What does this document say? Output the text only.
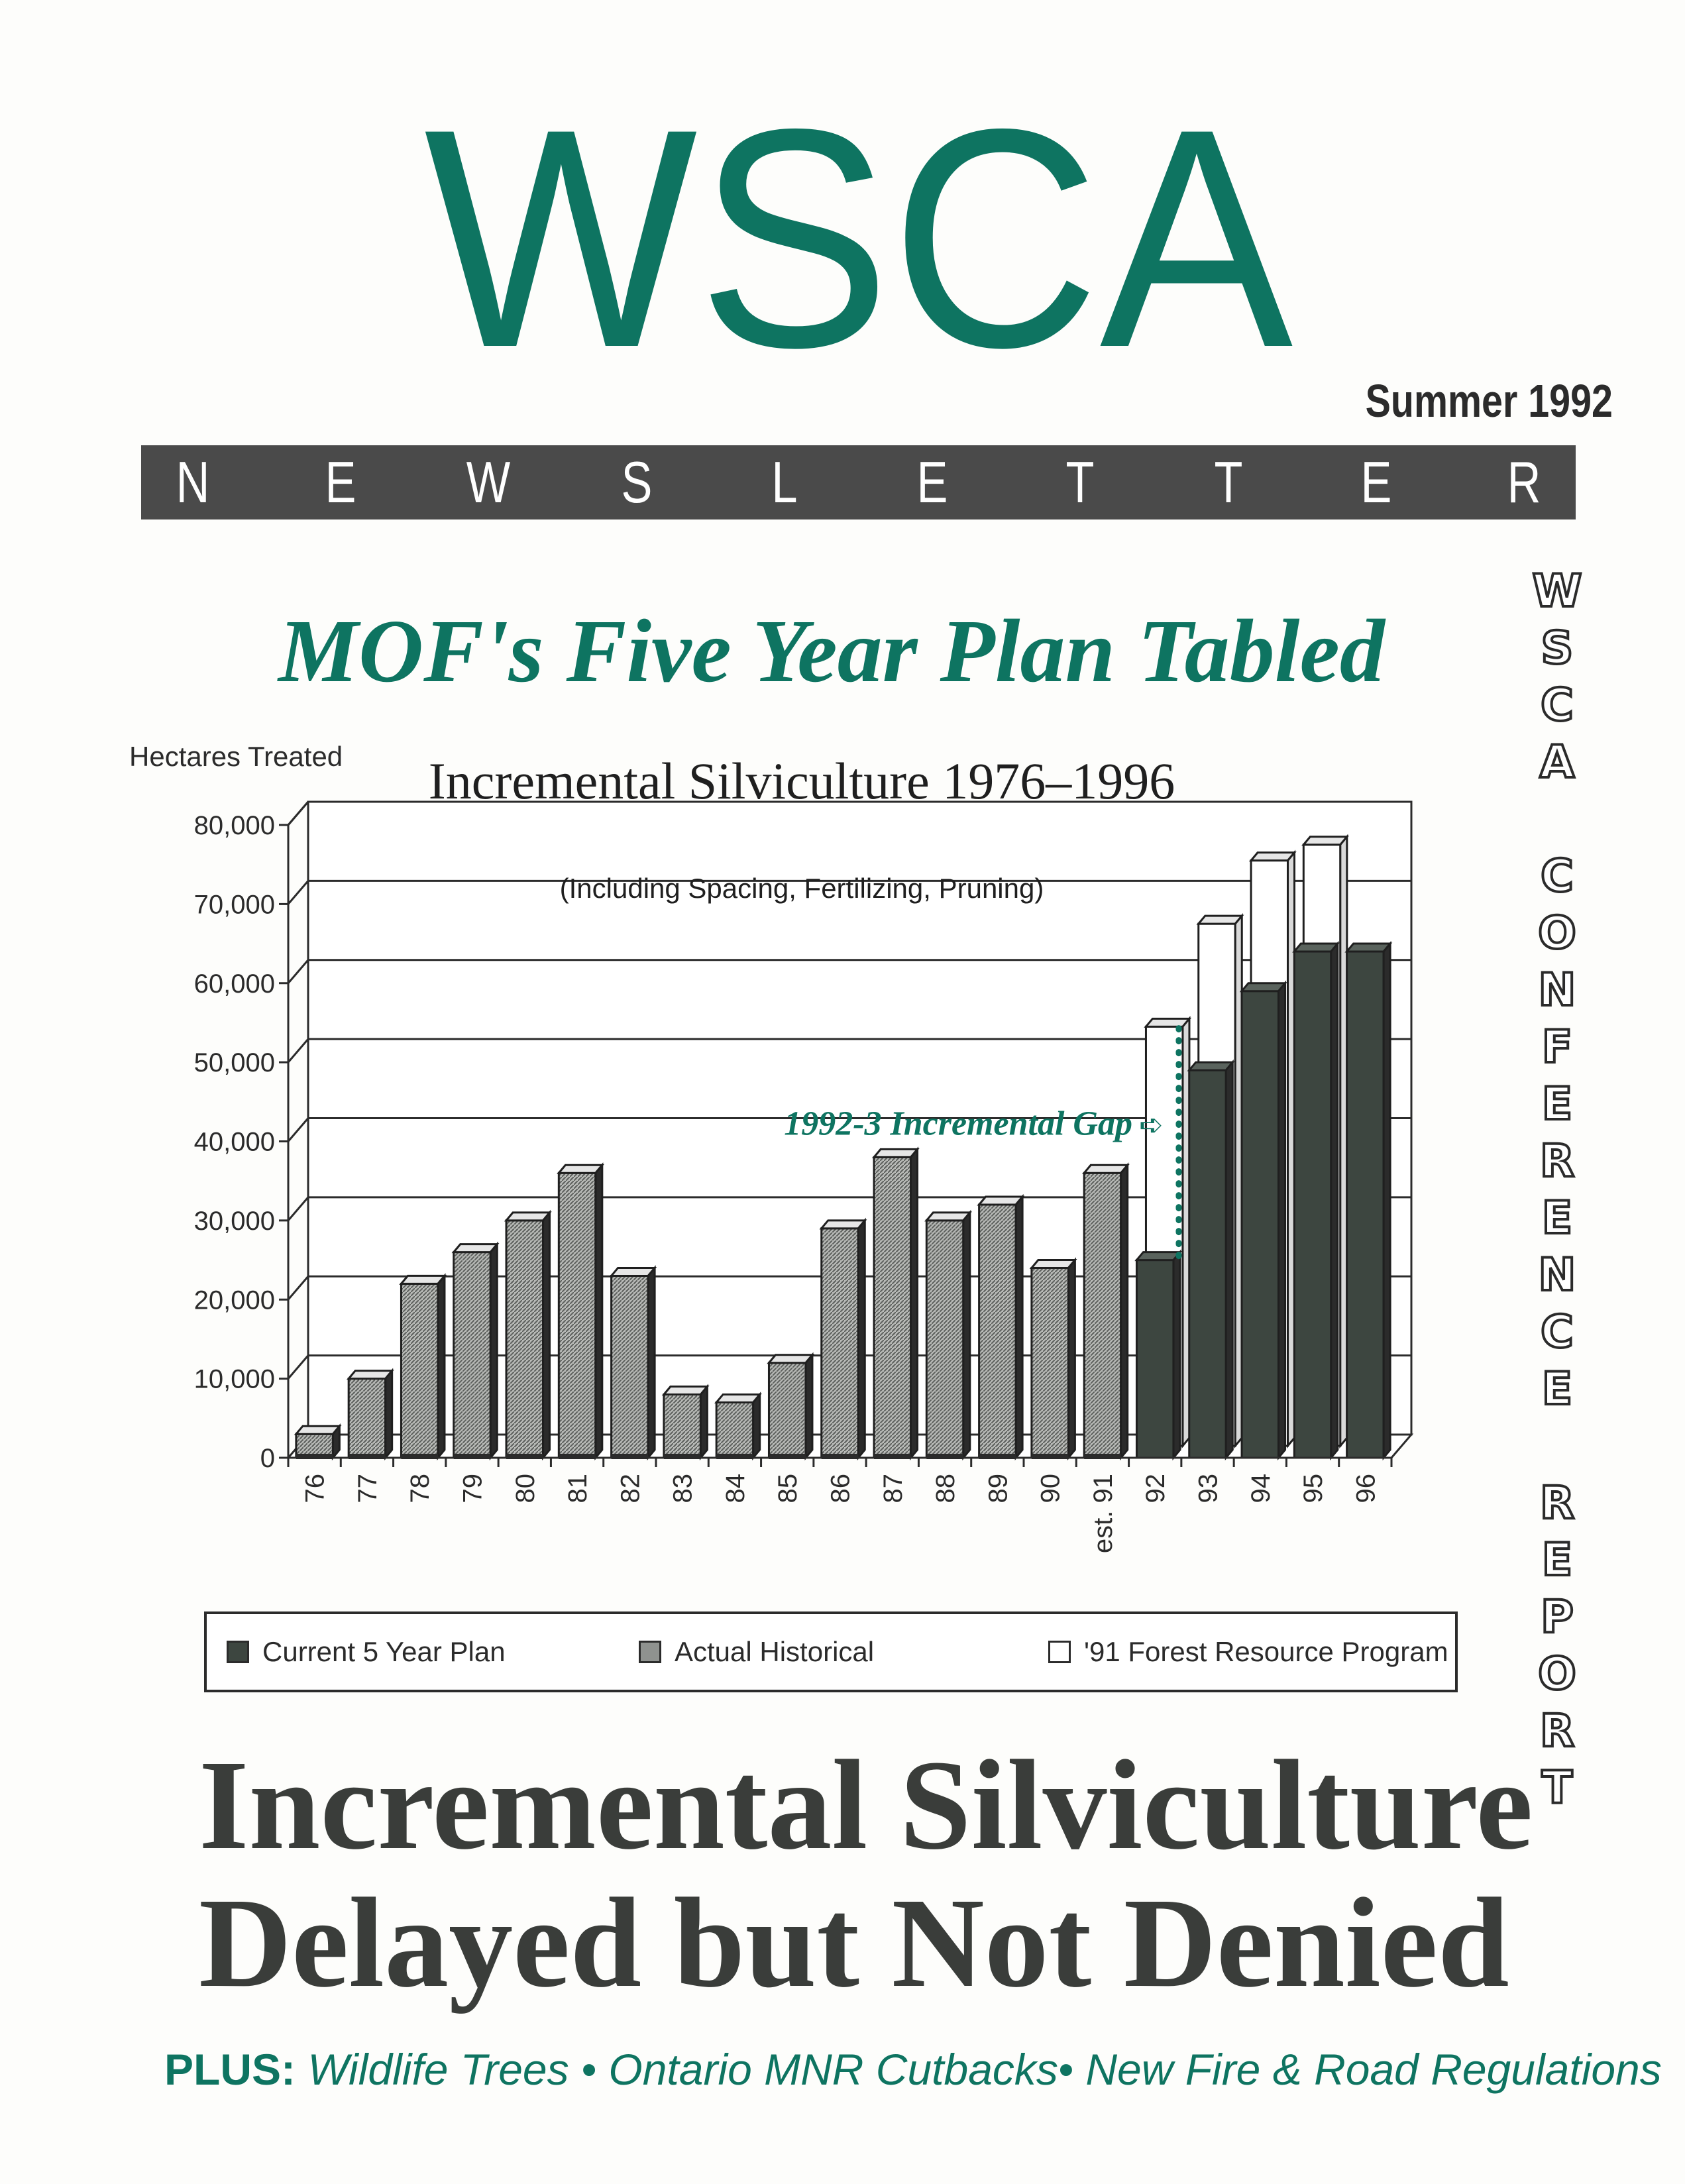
WSCA Summer 1992
N E W S L E T T E R
MOF's Five Year Plan Tabled
W
S
C
A
C
O
N
F
E
R
E
N
C
E
R
E
P
O
R
T
Hectares Treated
0
10,000
20,000
30,000
40,000
50,000
60,000
70,000
80,000
Incremental Silviculture 1976–1996
(Including Spacing, Fertilizing, Pruning)
1992-3 Incremental Gap ➪
76 77 78 79 80 81 82 83 84 85 86 87 88 89 90 est. 91 92 93 94 95 96
Current 5 Year Plan	Actual Historical	'91 Forest Resource Program
Incremental Silviculture
Delayed but Not Denied
PLUS: Wildlife Trees • Ontario MNR Cutbacks• New Fire & Road Regulations
